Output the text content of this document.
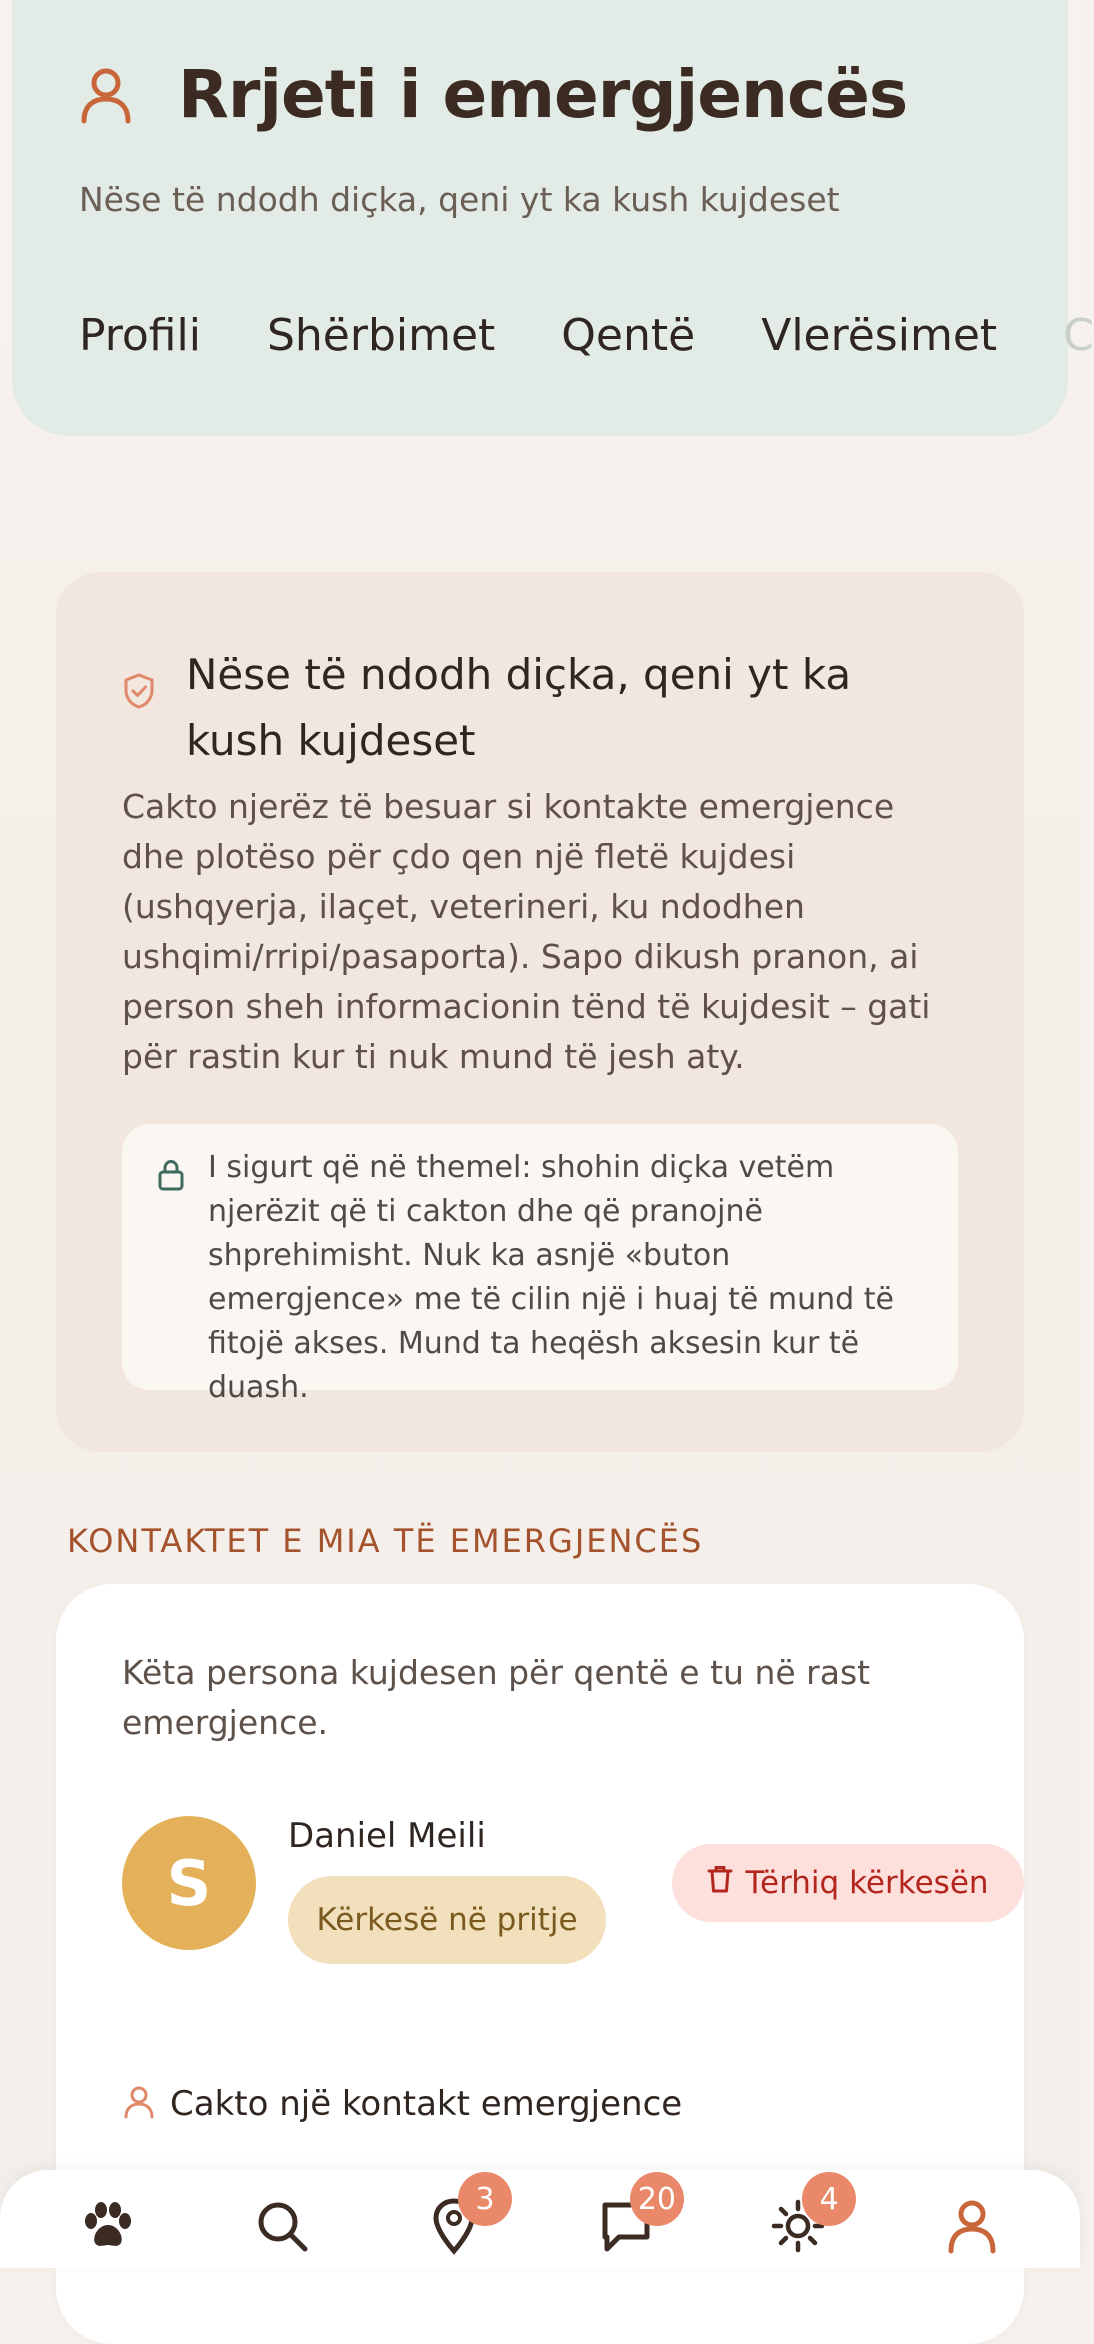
Rrjeti i emergjencës
Nëse të ndodh diçka, qeni yt ka kush kujdeset
Profili Shërbimet Qentë Vlerësimet C
Nëse të ndodh diçka, qeni yt ka kush kujdeset

Cakto njerëz të besuar si kontakte emergjence dhe plotëso për çdo qen një fletë kujdesi (ushqyerja, ilaçet, veterineri, ku ndodhen ushqimi/rripi/pasaporta). Sapo dikush pranon, ai person sheh informacionin tënd të kujdesit – gati për rastin kur ti nuk mund të jesh aty.

I sigurt që në themel: shohin diçka vetëm njerëzit që ti cakton dhe që pranojnë shprehimisht. Nuk ka asnjë «buton emergjence» me të cilin një i huaj të mund të fitojë akses. Mund ta heqësh aksesin kur të duash.

KONTAKTET E MIA TË EMERGJENCËS

Këta persona kujdesen për qentë e tu në rast emergjence.

S
Daniel Meili
Kërkesë në pritje
Tërhiq kërkesën
Cakto një kontakt emergjence
3	20	4
